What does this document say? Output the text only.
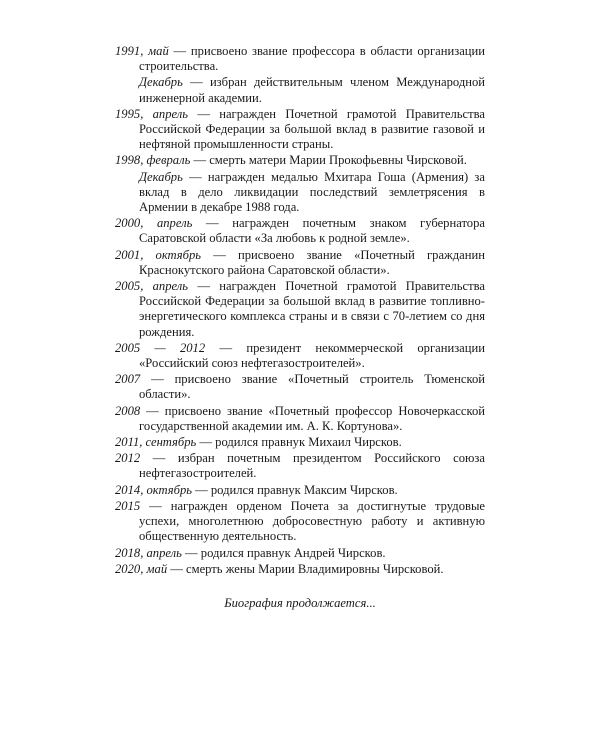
1991, май — присвоено звание профессора в области организации строительства.

Декабрь — избран действительным членом Международной инженерной академии.

1995, апрель — награжден Почетной грамотой Правительства Российской Федерации за большой вклад в развитие газовой и нефтяной промышленности страны.

1998, февраль — смерть матери Марии Прокофьевны Чирсковой.

Декабрь — награжден медалью Мхитара Гоша (Армения) за вклад в дело ликвидации последствий землетрясения в Армении в декабре 1988 года.

2000, апрель — награжден почетным знаком губернатора Саратовской области «За любовь к родной земле».

2001, октябрь — присвоено звание «Почетный гражданин Краснокутского района Саратовской области».

2005, апрель — награжден Почетной грамотой Правительства Российской Федерации за большой вклад в развитие топливно-энергетического комплекса страны и в связи с 70-летием со дня рождения.

2005 — 2012 — президент некоммерческой организации «Российский союз нефтегазостроителей».

2007 — присвоено звание «Почетный строитель Тюменской области».

2008 — присвоено звание «Почетный профессор Новочеркасской государственной академии им. А. К. Кортунова».

2011, сентябрь — родился правнук Михаил Чирсков.

2012 — избран почетным президентом Российского союза нефтегазостроителей.

2014, октябрь — родился правнук Максим Чирсков.

2015 — награжден орденом Почета за достигнутые трудовые успехи, многолетнюю добросовестную работу и активную общественную деятельность.

2018, апрель — родился правнук Андрей Чирсков.

2020, май — смерть жены Марии Владимировны Чирсковой.

Биография продолжается...
